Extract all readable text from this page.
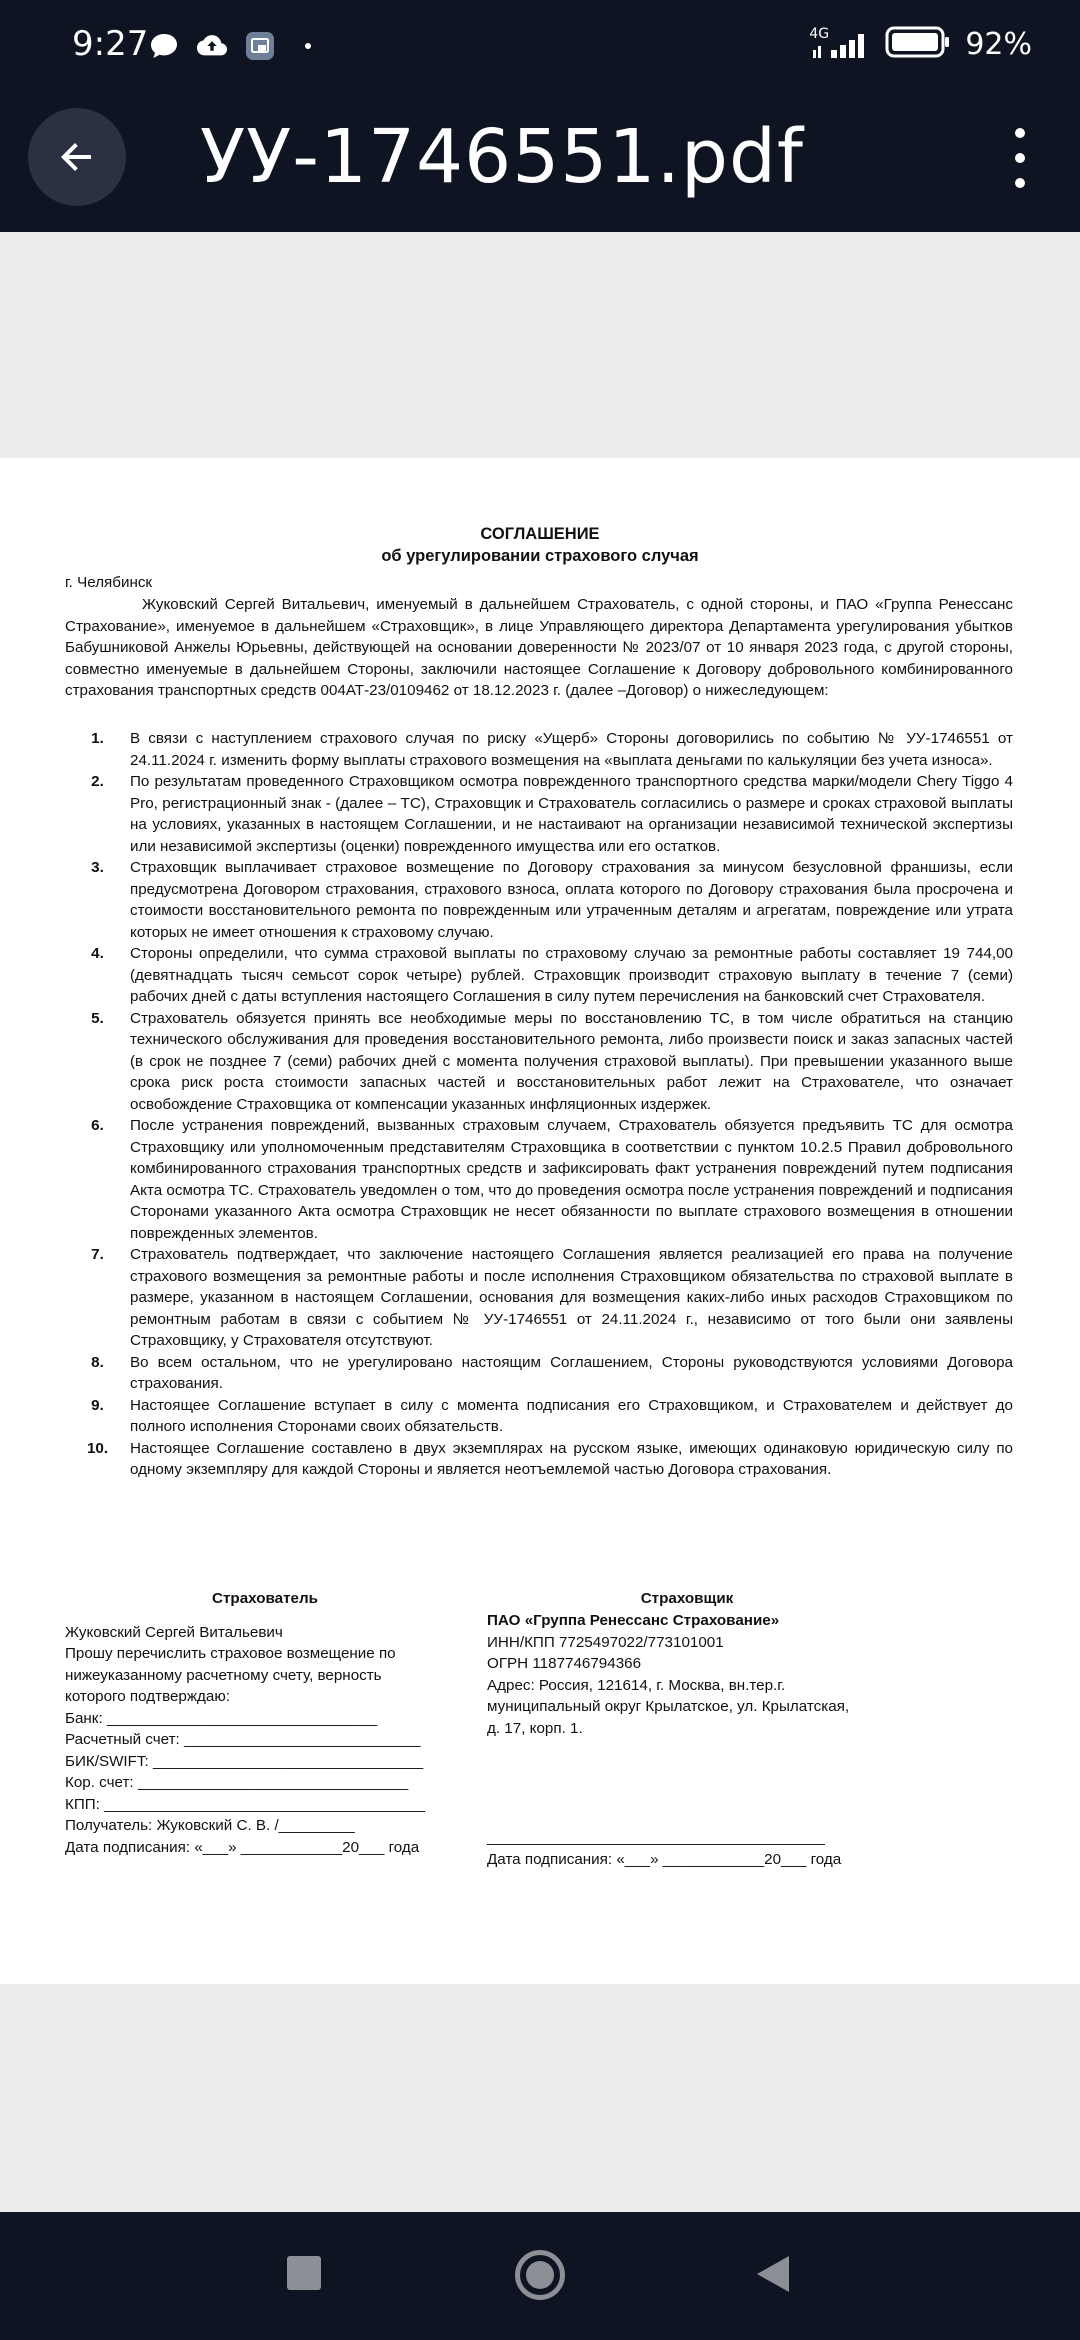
9:27	4G	92%
УУ-1746551.pdf
СОГЛАШЕНИЕ
об урегулировании страхового случая
г. Челябинск
Жуковский Сергей Витальевич, именуемый в дальнейшем Страхователь, с одной стороны, и ПАО «Группа Ренессанс Страхование», именуемое в дальнейшем «Страховщик», в лице Управляющего директора Департамента урегулирования убытков Бабушниковой Анжелы Юрьевны, действующей на основании доверенности № 2023/07 от 10 января 2023 года, с другой стороны, совместно именуемые в дальнейшем Стороны, заключили настоящее Соглашение к Договору добровольного комбинированного страхования транспортных средств 004АТ-23/0109462 от 18.12.2023 г. (далее –Договор) о нижеследующем:
1.	В связи с наступлением страхового случая по риску «Ущерб» Стороны договорились по событию № УУ-1746551 от 24.11.2024 г. изменить форму выплаты страхового возмещения на «выплата деньгами по калькуляции без учета износа».
2.	По результатам проведенного Страховщиком осмотра поврежденного транспортного средства марки/модели Chery Tiggo 4 Pro, регистрационный знак - (далее – ТС), Страховщик и Страхователь согласились о размере и сроках страховой выплаты на условиях, указанных в настоящем Соглашении, и не настаивают на организации независимой технической экспертизы или независимой экспертизы (оценки) поврежденного имущества или его остатков.
3.	Страховщик выплачивает страховое возмещение по Договору страхования за минусом безусловной франшизы, если предусмотрена Договором страхования, страхового взноса, оплата которого по Договору страхования была просрочена и стоимости восстановительного ремонта по поврежденным или утраченным деталям и агрегатам, повреждение или утрата которых не имеет отношения к страховому случаю.
4.	Стороны определили, что сумма страховой выплаты по страховому случаю за ремонтные работы составляет 19 744,00 (девятнадцать тысяч семьсот сорок четыре) рублей. Страховщик производит страховую выплату в течение 7 (семи) рабочих дней с даты вступления настоящего Соглашения в силу путем перечисления на банковский счет Страхователя.
5.	Страхователь обязуется принять все необходимые меры по восстановлению ТС, в том числе обратиться на станцию технического обслуживания для проведения восстановительного ремонта, либо произвести поиск и заказ запасных частей (в срок не позднее 7 (семи) рабочих дней с момента получения страховой выплаты). При превышении указанного выше срока риск роста стоимости запасных частей и восстановительных работ лежит на Страхователе, что означает освобождение Страховщика от компенсации указанных инфляционных издержек.
6.	После устранения повреждений, вызванных страховым случаем, Страхователь обязуется предъявить ТС для осмотра Страховщику или уполномоченным представителям Страховщика в соответствии с пунктом 10.2.5 Правил добровольного комбинированного страхования транспортных средств и зафиксировать факт устранения повреждений путем подписания Акта осмотра ТС. Страхователь уведомлен о том, что до проведения осмотра после устранения повреждений и подписания Сторонами указанного Акта осмотра Страховщик не несет обязанности по выплате страхового возмещения в отношении поврежденных элементов.
7.	Страхователь подтверждает, что заключение настоящего Соглашения является реализацией его права на получение страхового возмещения за ремонтные работы и после исполнения Страховщиком обязательства по страховой выплате в размере, указанном в настоящем Соглашении, основания для возмещения каких-либо иных расходов Страховщиком по ремонтным работам в связи с событием № УУ-1746551 от 24.11.2024 г., независимо от того были они заявлены Страховщику, у Страхователя отсутствуют.
8.	Во всем остальном, что не урегулировано настоящим Соглашением, Стороны руководствуются условиями Договора страхования.
9.	Настоящее Соглашение вступает в силу с момента подписания его Страховщиком, и Страхователем и действует до полного исполнения Сторонами своих обязательств.
10.	Настоящее Соглашение составлено в двух экземплярах на русском языке, имеющих одинаковую юридическую силу по одному экземпляру для каждой Стороны и является неотъемлемой частью Договора страхования.
Страхователь
Жуковский Сергей Витальевич
Прошу перечислить страховое возмещение по
нижеуказанному расчетному счету, верность
которого подтверждаю:
Банк: ________________________________
Расчетный счет: ____________________________
БИК/SWIFT: ________________________________
Кор. счет: ________________________________
КПП: ______________________________________
Получатель: Жуковский С. В. /_________
Дата подписания: «___» ____________20___ года
Страховщик
ПАО «Группа Ренессанс Страхование»
ИНН/КПП 7725497022/773101001
ОГРН 1187746794366
Адрес: Россия, 121614, г. Москва, вн.тер.г.
муниципальный округ Крылатское, ул. Крылатская,
д. 17, корп. 1.
________________________________________
Дата подписания: «___» ____________20___ года
